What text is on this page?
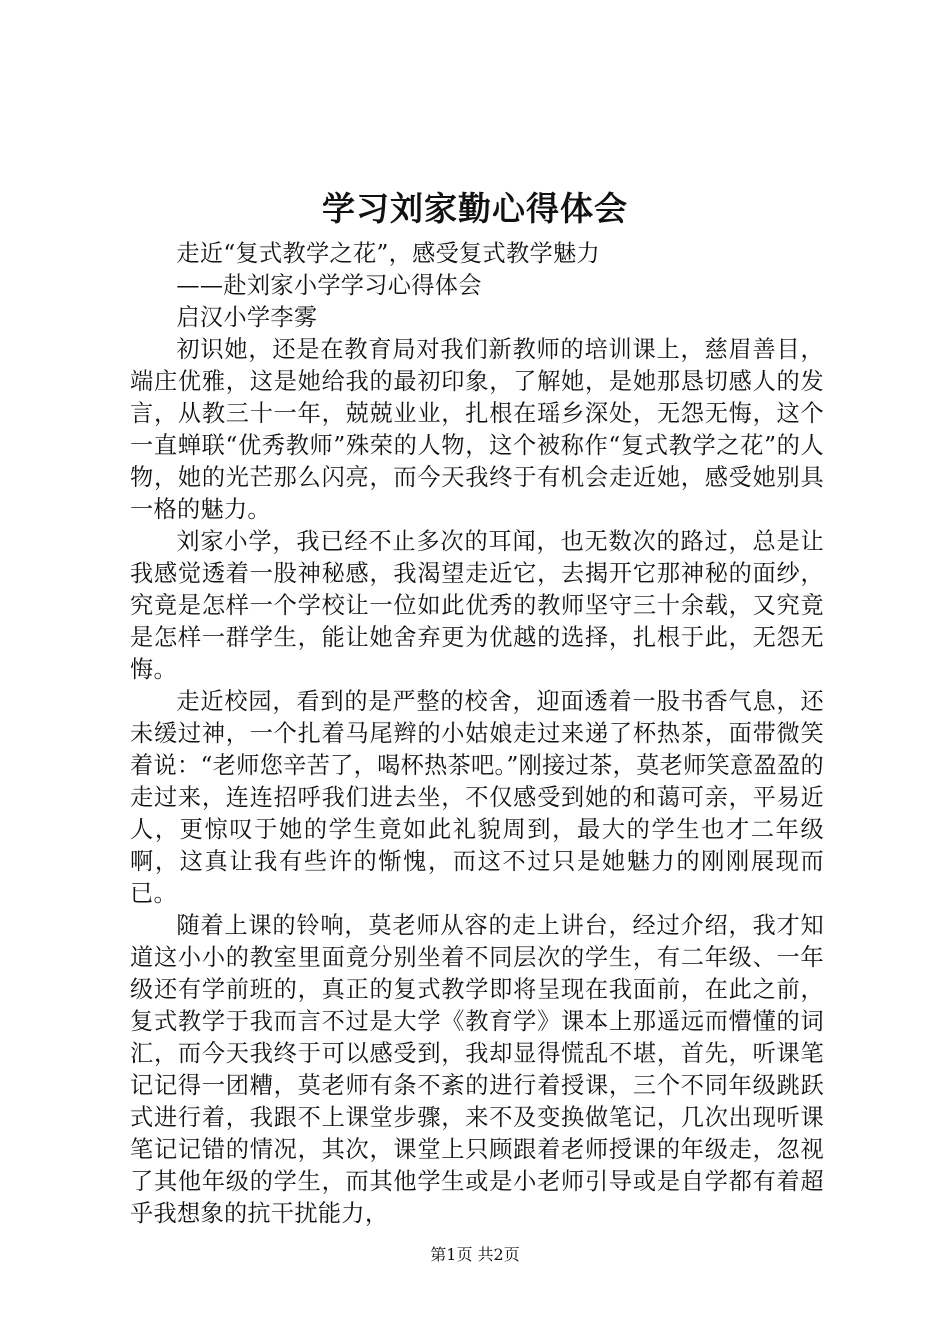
学习刘家勤心得体会

走近“复式教学之花”，感受复式教学魅力

——赴刘家小学学习心得体会

启汉小学李雾

初识她，还是在教育局对我们新教师的培训课上，慈眉善目，端庄优雅，这是她给我的最初印象，了解她，是她那恳切感人的发言，从教三十一年，兢兢业业，扎根在瑶乡深处，无怨无悔，这个一直蝉联“优秀教师”殊荣的人物，这个被称作“复式教学之花”的人物，她的光芒那么闪亮，而今天我终于有机会走近她，感受她别具一格的魅力。

刘家小学，我已经不止多次的耳闻，也无数次的路过，总是让我感觉透着一股神秘感，我渴望走近它，去揭开它那神秘的面纱，究竟是怎样一个学校让一位如此优秀的教师坚守三十余载，又究竟是怎样一群学生，能让她舍弃更为优越的选择，扎根于此，无怨无悔。

走近校园，看到的是严整的校舍，迎面透着一股书香气息，还未缓过神，一个扎着马尾辫的小姑娘走过来递了杯热茶，面带微笑着说：“老师您辛苦了，喝杯热茶吧。”刚接过茶，莫老师笑意盈盈的走过来，连连招呼我们进去坐，不仅感受到她的和蔼可亲，平易近人，更惊叹于她的学生竟如此礼貌周到，最大的学生也才二年级啊，这真让我有些许的惭愧，而这不过只是她魅力的刚刚展现而已。

随着上课的铃响，莫老师从容的走上讲台，经过介绍，我才知道这小小的教室里面竟分别坐着不同层次的学生，有二年级、一年级还有学前班的，真正的复式教学即将呈现在我面前，在此之前，复式教学于我而言不过是大学《教育学》课本上那遥远而懵懂的词汇，而今天我终于可以感受到，我却显得慌乱不堪，首先，听课笔记记得一团糟，莫老师有条不紊的进行着授课，三个不同年级跳跃式进行着，我跟不上课堂步骤，来不及变换做笔记，几次出现听课笔记记错的情况，其次，课堂上只顾跟着老师授课的年级走，忽视了其他年级的学生，而其他学生或是小老师引导或是自学都有着超乎我想象的抗干扰能力，

第1页 共2页
